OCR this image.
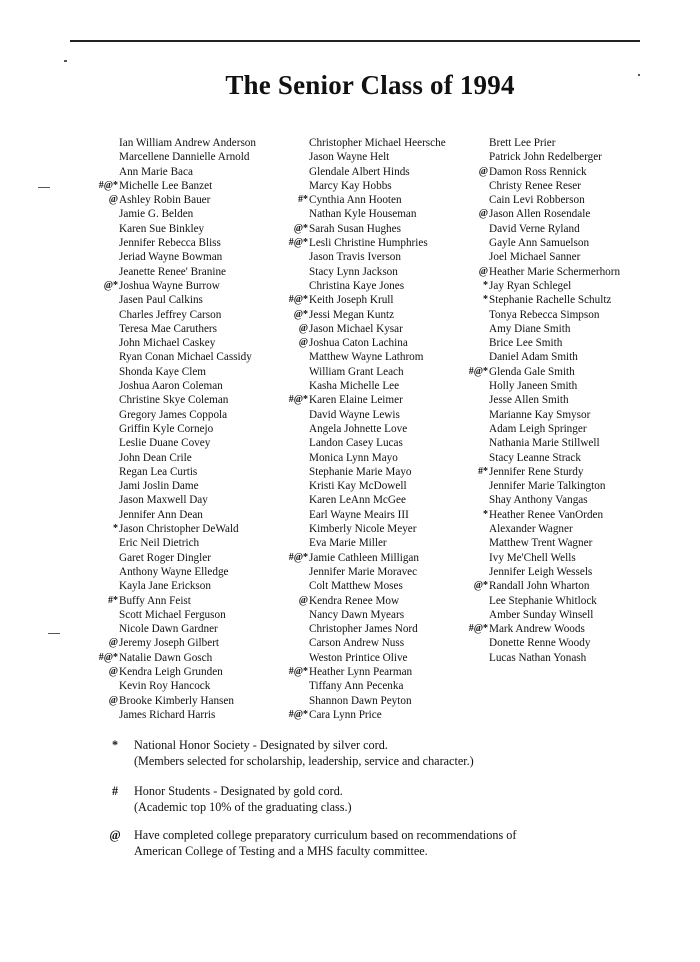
The Senior Class of 1994
Ian William Andrew Anderson
Marcellene Dannielle Arnold
Ann Marie Baca
#@* Michelle Lee Banzet
@ Ashley Robin Bauer
Jamie G. Belden
Karen Sue Binkley
Jennifer Rebecca Bliss
Jeriad Wayne Bowman
Jeanette Renee' Branine
@* Joshua Wayne Burrow
Jasen Paul Calkins
Charles Jeffrey Carson
Teresa Mae Caruthers
John Michael Caskey
Ryan Conan Michael Cassidy
Shonda Kaye Clem
Joshua Aaron Coleman
Christine Skye Coleman
Gregory James Coppola
Griffin Kyle Cornejo
Leslie Duane Covey
John Dean Crile
Regan Lea Curtis
Jami Joslin Dame
Jason Maxwell Day
Jennifer Ann Dean
* Jason Christopher DeWald
Eric Neil Dietrich
Garet Roger Dingler
Anthony Wayne Elledge
Kayla Jane Erickson
#* Buffy Ann Feist
Scott Michael Ferguson
Nicole Dawn Gardner
@ Jeremy Joseph Gilbert
#@* Natalie Dawn Gosch
@ Kendra Leigh Grunden
Kevin Roy Hancock
@ Brooke Kimberly Hansen
James Richard Harris
Christopher Michael Heersche
Jason Wayne Helt
Glendale Albert Hinds
Marcy Kay Hobbs
#* Cynthia Ann Hooten
Nathan Kyle Houseman
@* Sarah Susan Hughes
#@* Lesli Christine Humphries
Jason Travis Iverson
Stacy Lynn Jackson
Christina Kaye Jones
#@* Keith Joseph Krull
@* Jessi Megan Kuntz
@ Jason Michael Kysar
@ Joshua Caton Lachina
Matthew Wayne Lathrom
William Grant Leach
Kasha Michelle Lee
#@* Karen Elaine Leimer
David Wayne Lewis
Angela Johnette Love
Landon Casey Lucas
Monica Lynn Mayo
Stephanie Marie Mayo
Kristi Kay McDowell
Karen LeAnn McGee
Earl Wayne Meairs III
Kimberly Nicole Meyer
Eva Marie Miller
#@* Jamie Cathleen Milligan
Jennifer Marie Moravec
Colt Matthew Moses
@ Kendra Renee Mow
Nancy Dawn Myears
Christopher James Nord
Carson Andrew Nuss
Weston Printice Olive
#@* Heather Lynn Pearman
Tiffany Ann Pecenka
Shannon Dawn Peyton
#@* Cara Lynn Price
Brett Lee Prier
Patrick John Redelberger
@ Damon Ross Rennick
Christy Renee Reser
Cain Levi Robberson
@ Jason Allen Rosendale
David Verne Ryland
Gayle Ann Samuelson
Joel Michael Sanner
@ Heather Marie Schermerhorn
* Jay Ryan Schlegel
* Stephanie Rachelle Schultz
Tonya Rebecca Simpson
Amy Diane Smith
Brice Lee Smith
Daniel Adam Smith
#@* Glenda Gale Smith
Holly Janeen Smith
Jesse Allen Smith
Marianne Kay Smysor
Adam Leigh Springer
Nathania Marie Stillwell
Stacy Leanne Strack
#* Jennifer Rene Sturdy
Jennifer Marie Talkington
Shay Anthony Vangas
* Heather Renee VanOrden
Alexander Wagner
Matthew Trent Wagner
Ivy Me'Chell Wells
Jennifer Leigh Wessels
@* Randall John Wharton
Lee Stephanie Whitlock
Amber Sunday Winsell
#@* Mark Andrew Woods
Donette Renne Woody
Lucas Nathan Yonash
*	National Honor Society - Designated by silver cord.
(Members selected for scholarship, leadership, service and character.)
#	Honor Students - Designated by gold cord.
(Academic top 10% of the graduating class.)
@ Have completed college preparatory curriculum based on recommendations of
American College of Testing and a MHS faculty committee.
